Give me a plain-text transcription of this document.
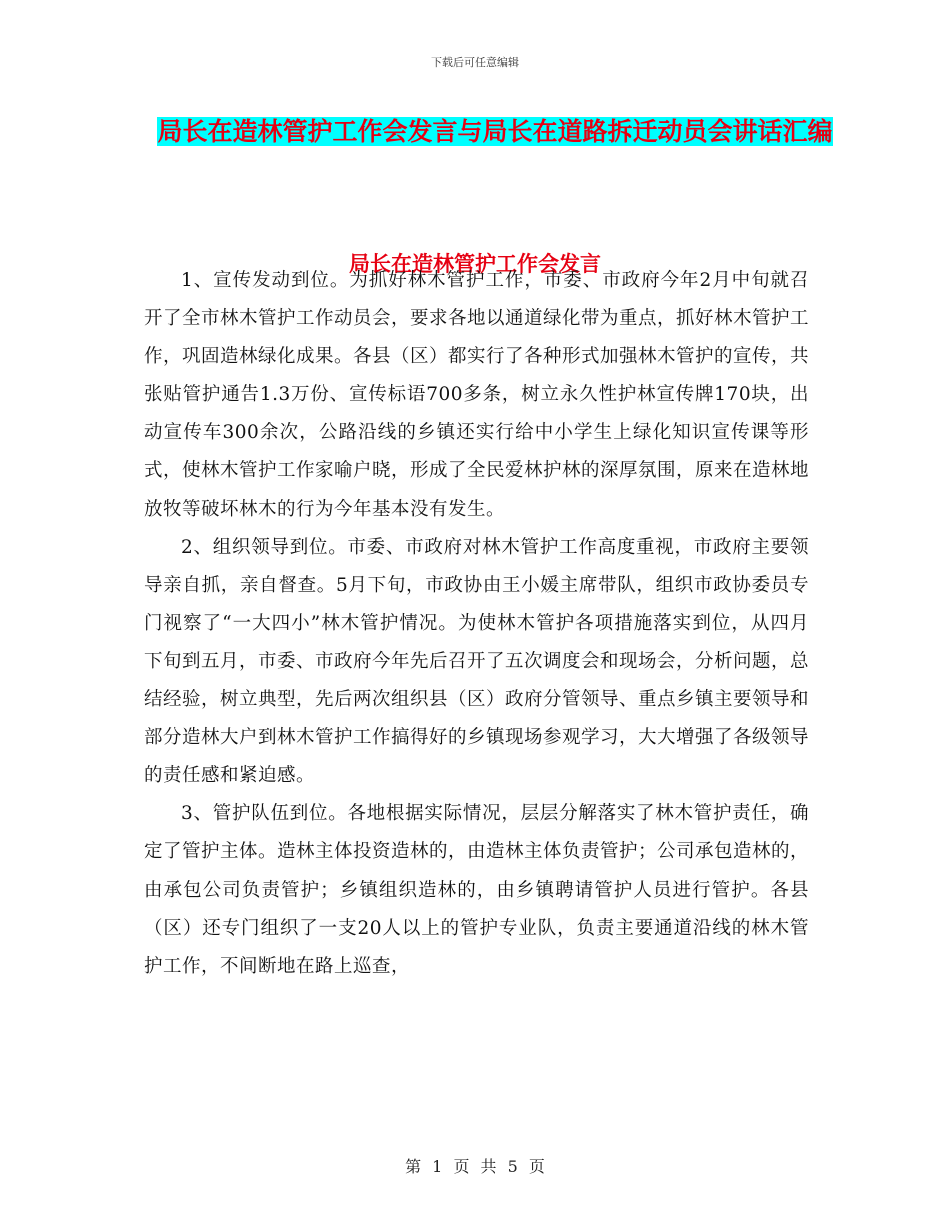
下载后可任意编辑
局长在造林管护工作会发言与局长在道路拆迁动员会讲话汇编
局长在造林管护工作会发言

1、宣传发动到位。为抓好林木管护工作，市委、市政府今年2月中旬就召开了全市林木管护工作动员会，要求各地以通道绿化带为重点，抓好林木管护工作，巩固造林绿化成果。各县（区）都实行了各种形式加强林木管护的宣传，共张贴管护通告1.3万份、宣传标语700多条，树立永久性护林宣传牌170块，出动宣传车300余次，公路沿线的乡镇还实行给中小学生上绿化知识宣传课等形式，使林木管护工作家喻户晓，形成了全民爱林护林的深厚氛围，原来在造林地放牧等破坏林木的行为今年基本没有发生。

2、组织领导到位。市委、市政府对林木管护工作高度重视，市政府主要领导亲自抓，亲自督查。5月下旬，市政协由王小媛主席带队，组织市政协委员专门视察了“一大四小”林木管护情况。为使林木管护各项措施落实到位，从四月下旬到五月，市委、市政府今年先后召开了五次调度会和现场会，分析问题，总结经验，树立典型，先后两次组织县（区）政府分管领导、重点乡镇主要领导和部分造林大户到林木管护工作搞得好的乡镇现场参观学习，大大增强了各级领导的责任感和紧迫感。

3、管护队伍到位。各地根据实际情况，层层分解落实了林木管护责任，确定了管护主体。造林主体投资造林的，由造林主体负责管护；公司承包造林的，由承包公司负责管护；乡镇组织造林的，由乡镇聘请管护人员进行管护。各县（区）还专门组织了一支20人以上的管护专业队，负责主要通道沿线的林木管护工作，不间断地在路上巡查，

第 1 页 共 5 页
